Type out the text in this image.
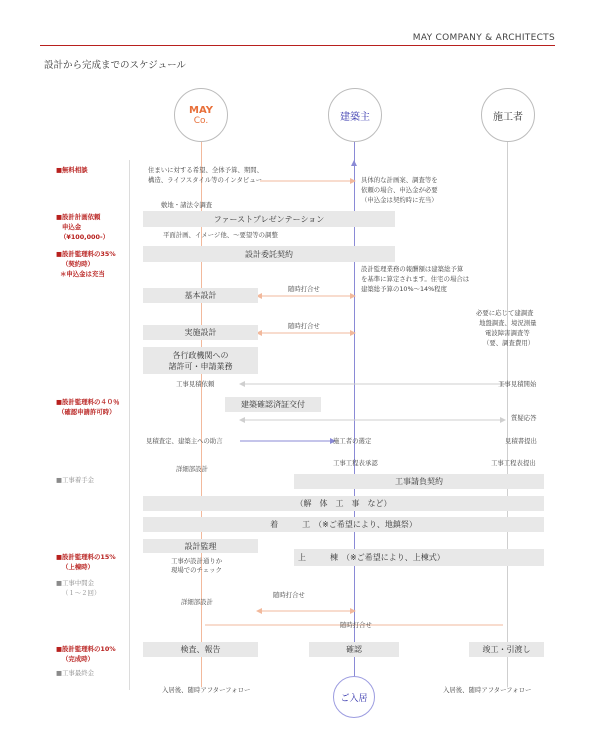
MAY COMPANY & ARCHITECTS
設計から完成までのスケジュール
MAY
Co.	建築主	施工者
■無料相談
■設計計画依頼
申込金
（¥100,000-）
■設計監理料の35%
（契約時）
＊申込金は充当
■設計監理料の４０％
（確認申請許可時）
■工事着手金
■設計監理料の15%
（上棟時）
■工事中間金
（１～２回）
■設計監理料の10%
（完成時）
■工事最終金
住まいに対する希望、全体予算、期間、
構造、ライフスタイル等のインタビュー	具体的な計画案、調査等を
依頼の場合、申込金が必要
（申込金は契約時に充当）
敷地・諸法令調査
ファーストプレゼンテーション
平面計画、イメージ他、～要望等の調整
設計委託契約
設計監理業務の報酬額は建築総予算
を基準に算定されます。住宅の場合は
建築総予算の10%～14%程度
基本設計
随時打合せ
必要に応じて建調査
地盤調査、境況測量
電波障害調査等
（要、調査費用）
実施設計
随時打合せ
各行政機関への
諸許可・申請業務
工事見積依頼	工事見積開始
建築確認済証交付
質疑応答
見積査定、建築主への助言	施工者の選定	見積書提出
詳細部設計
工事工程表承認	工事工程表提出
工事請負契約
（解　体　工　事　など）
着　　　工　（※ご希望により、地鎮祭）
設計監理
上　　　棟　（※ご希望により、上棟式）
工事が設計通りか
現場でのチェック
随時打合せ
詳細部設計
随時打合せ
検査、報告	確認	竣工・引渡し
入居後、随時アフターフォロー	入居後、随時アフターフォロー
ご入居
